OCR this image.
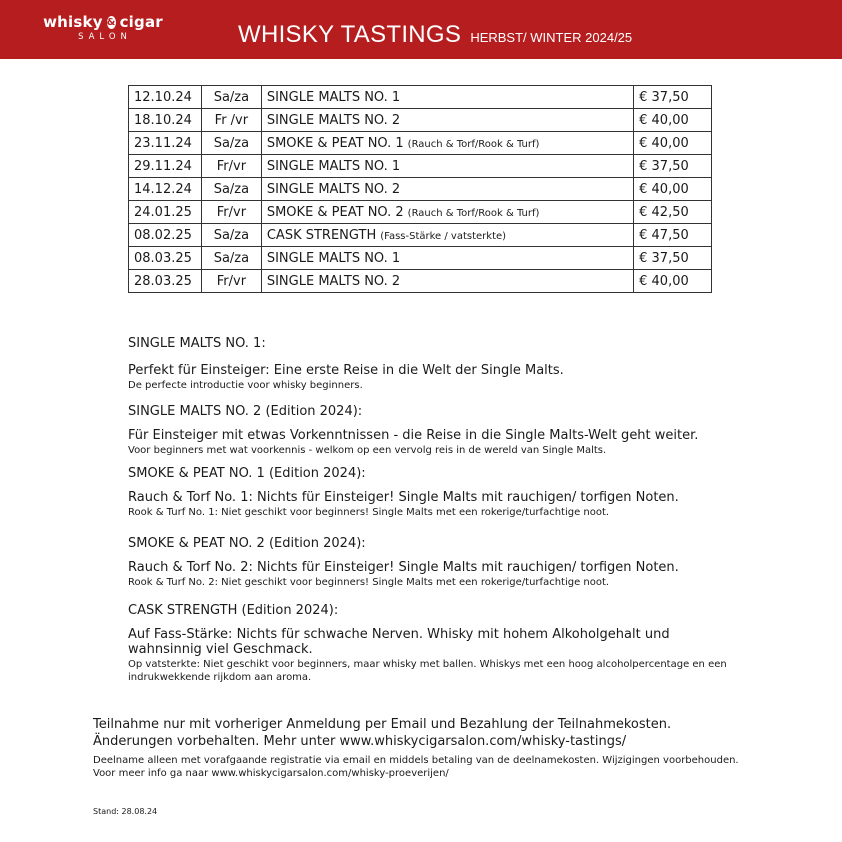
whisky & cigar
SALON	WHISKY TASTINGS HERBST/ WINTER 2024/25
12.10.24	Sa/za	SINGLE MALTS NO. 1	€ 37,50
18.10.24	Fr /vr	SINGLE MALTS NO. 2	€ 40,00
23.11.24	Sa/za	SMOKE & PEAT NO. 1 (Rauch & Torf/Rook & Turf)	€ 40,00
29.11.24	Fr/vr	SINGLE MALTS NO. 1	€ 37,50
14.12.24	Sa/za	SINGLE MALTS NO. 2	€ 40,00
24.01.25	Fr/vr	SMOKE & PEAT NO. 2 (Rauch & Torf/Rook & Turf)	€ 42,50
08.02.25	Sa/za	CASK STRENGTH (Fass-Stärke / vatsterkte)	€ 47,50
08.03.25	Sa/za	SINGLE MALTS NO. 1	€ 37,50
28.03.25	Fr/vr	SINGLE MALTS NO. 2	€ 40,00
SINGLE MALTS NO. 1:
Perfekt für Einsteiger: Eine erste Reise in die Welt der Single Malts.
De perfecte introductie voor whisky beginners.
SINGLE MALTS NO. 2 (Edition 2024):
Für Einsteiger mit etwas Vorkenntnissen - die Reise in die Single Malts-Welt geht weiter.
Voor beginners met wat voorkennis - welkom op een vervolg reis in de wereld van Single Malts.
SMOKE & PEAT NO. 1 (Edition 2024):
Rauch & Torf No. 1: Nichts für Einsteiger! Single Malts mit rauchigen/ torfigen Noten.
Rook & Turf No. 1: Niet geschikt voor beginners! Single Malts met een rokerige/turfachtige noot.
SMOKE & PEAT NO. 2 (Edition 2024):
Rauch & Torf No. 2: Nichts für Einsteiger! Single Malts mit rauchigen/ torfigen Noten.
Rook & Turf No. 2: Niet geschikt voor beginners! Single Malts met een rokerige/turfachtige noot.
CASK STRENGTH (Edition 2024):
Auf Fass-Stärke: Nichts für schwache Nerven. Whisky mit hohem Alkoholgehalt und wahnsinnig viel Geschmack.
Op vatsterkte: Niet geschikt voor beginners, maar whisky met ballen. Whiskys met een hoog alcoholpercentage en een indrukwekkende rijkdom aan aroma.
Teilnahme nur mit vorheriger Anmeldung per Email und Bezahlung der Teilnahmekosten. Änderungen vorbehalten. Mehr unter www.whiskycigarsalon.com/whisky-tastings/
Deelname alleen met vorafgaande registratie via email en middels betaling van de deelnamekosten. Wijzigingen voorbehouden. Voor meer info ga naar www.whiskycigarsalon.com/whisky-proeverijen/
Stand: 28.08.24
